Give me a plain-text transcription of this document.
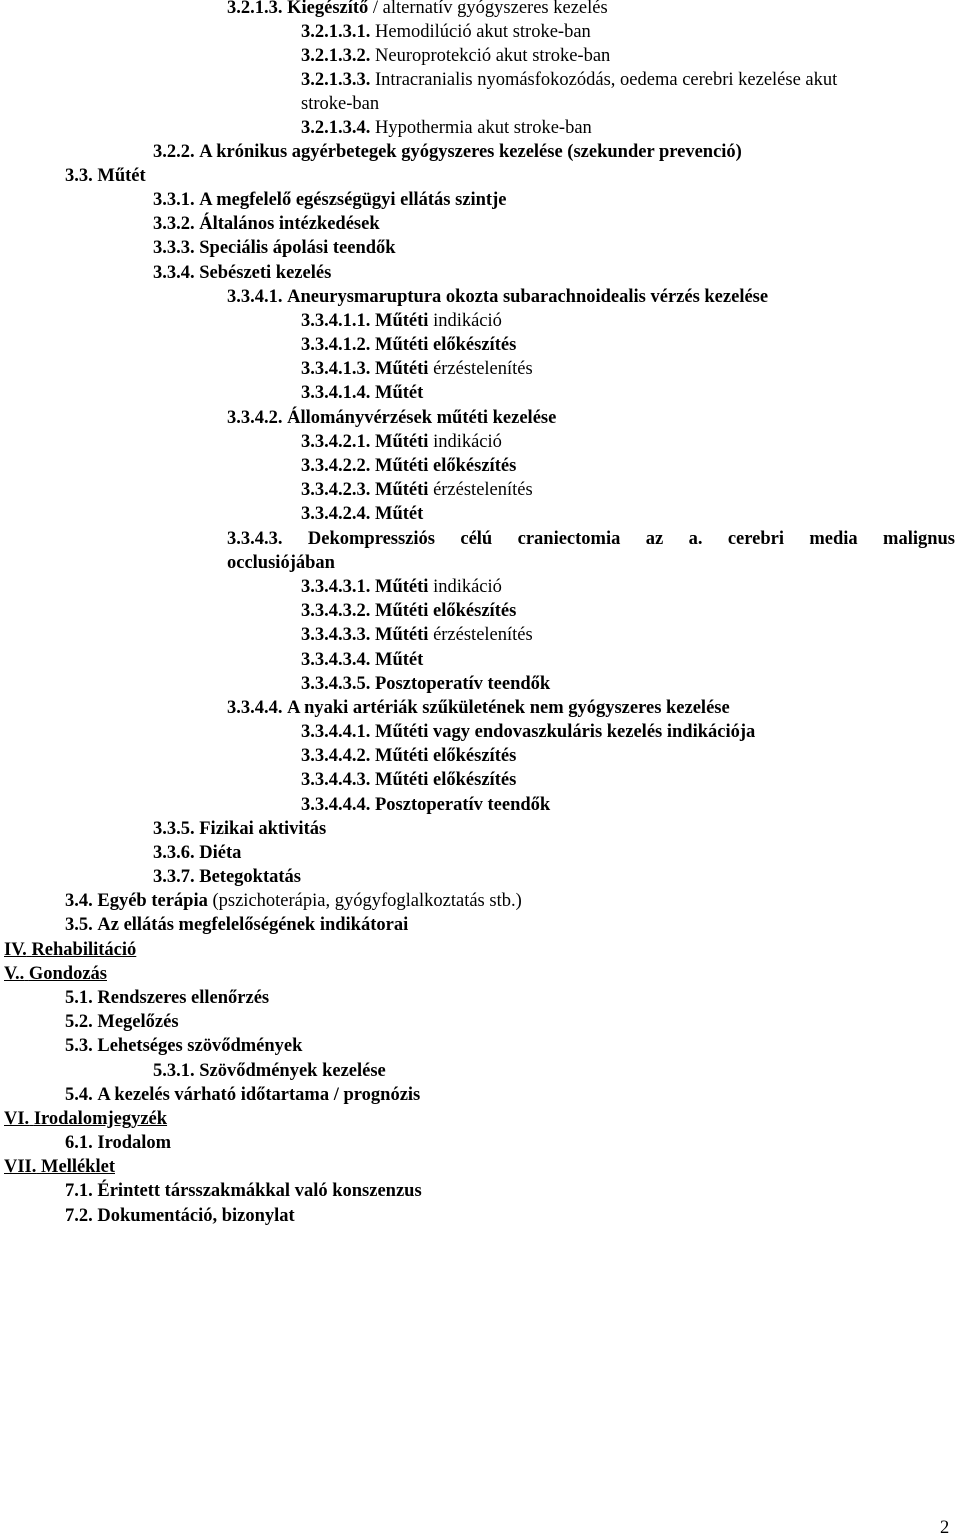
3.2.1.3. Kiegészítő / alternatív gyógyszeres kezelés
3.2.1.3.1. Hemodilúció akut stroke-ban
3.2.1.3.2. Neuroprotekció akut stroke-ban
3.2.1.3.3. Intracranialis nyomásfokozódás, oedema cerebri kezelése akut
stroke-ban
3.2.1.3.4. Hypothermia akut stroke-ban
3.2.2. A krónikus agyérbetegek gyógyszeres kezelése (szekunder prevenció)
3.3. Műtét
3.3.1. A megfelelő egészségügyi ellátás szintje
3.3.2. Általános intézkedések
3.3.3. Speciális ápolási teendők
3.3.4. Sebészeti kezelés
3.3.4.1. Aneurysmaruptura okozta subarachnoidealis vérzés kezelése
3.3.4.1.1. Műtéti indikáció
3.3.4.1.2. Műtéti előkészítés
3.3.4.1.3. Műtéti érzéstelenítés
3.3.4.1.4. Műtét
3.3.4.2. Állományvérzések műtéti kezelése
3.3.4.2.1. Műtéti indikáció
3.3.4.2.2. Műtéti előkészítés
3.3.4.2.3. Műtéti érzéstelenítés
3.3.4.2.4. Műtét
3.3.4.3. Dekompressziós célú craniectomia az a. cerebri media malignus
occlusiójában
3.3.4.3.1. Műtéti indikáció
3.3.4.3.2. Műtéti előkészítés
3.3.4.3.3. Műtéti érzéstelenítés
3.3.4.3.4. Műtét
3.3.4.3.5. Posztoperatív teendők
3.3.4.4. A nyaki artériák szűkületének nem gyógyszeres kezelése
3.3.4.4.1. Műtéti vagy endovaszkuláris kezelés indikációja
3.3.4.4.2. Műtéti előkészítés
3.3.4.4.3. Műtéti előkészítés
3.3.4.4.4. Posztoperatív teendők
3.3.5. Fizikai aktivitás
3.3.6. Diéta
3.3.7. Betegoktatás
3.4. Egyéb terápia (pszichoterápia, gyógyfoglalkoztatás stb.)
3.5. Az ellátás megfelelőségének indikátorai
IV. Rehabilitáció
V.. Gondozás
5.1. Rendszeres ellenőrzés
5.2. Megelőzés
5.3. Lehetséges szövődmények
5.3.1. Szövődmények kezelése
5.4. A kezelés várható időtartama / prognózis
VI. Irodalomjegyzék
6.1. Irodalom
VII. Melléklet
7.1. Érintett társszakmákkal való konszenzus
7.2. Dokumentáció, bizonylat
2
